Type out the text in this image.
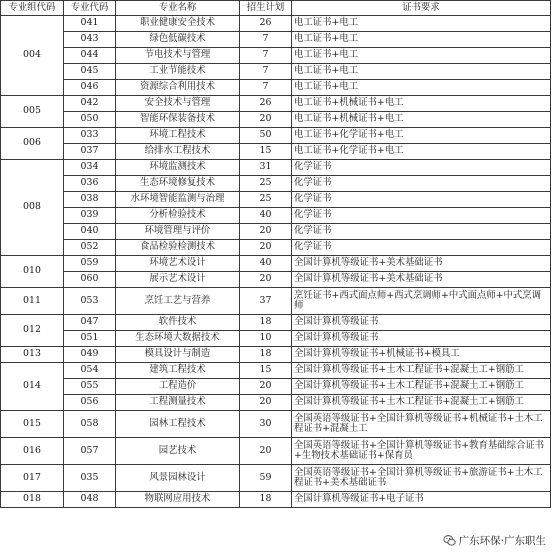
专业组代码	专业代码	专业名称	招生计划	证书要求
004	041	职业健康安全技术	26	电工证书+电工
	043	绿色低碳技术	7	电工证书+电工
	044	节电技术与管理	7	电工证书+电工
	045	工业节能技术	7	电工证书+电工
	046	资源综合利用技术	7	电工证书+电工
005	042	安全技术与管理	26	电工证书+机械证书+电工
	050	智能环保装备技术	20	电工证书+机械证书+电工
006	033	环境工程技术	50	电工证书+化学证书+电工
	037	给排水工程技术	15	电工证书+化学证书+电工
008	034	环境监测技术	31	化学证书
	036	生态环境修复技术	25	化学证书
	038	水环境智能监测与治理	25	化学证书
	039	分析检验技术	40	化学证书
	040	环境管理与评价	20	化学证书
	052	食品检验检测技术	20	化学证书
010	059	环境艺术设计	40	全国计算机等级证书+美术基础证书
	060	展示艺术设计	20	全国计算机等级证书+美术基础证书
011	053	烹饪工艺与营养	37	烹饪证书+西式面点师+西式烹调师+中式面点师+中式烹调师
012	047	软件技术	18	全国计算机等级证书
	051	生态环境大数据技术	10	全国计算机等级证书
013	049	模具设计与制造	18	全国计算机等级证书+机械证书+模具工
014	054	建筑工程技术	15	全国计算机等级证书+土木工程证书+混凝土工+钢筋工
	055	工程造价	20	全国计算机等级证书+土木工程证书+混凝土工+钢筋工
	056	工程测量技术	20	全国计算机等级证书+土木工程证书+混凝土工+钢筋工
015	058	园林工程技术	30	全国英语等级证书+全国计算机等级证书+机械证书+土木工程证书+混凝土工
016	057	园艺技术	20	全国英语等级证书+全国计算机等级证书+教育基础综合证书+生物技术基础证书+保育员
017	035	风景园林设计	59	全国英语等级证书+全国计算机等级证书+旅游证书+土木工程证书+美术基础证书
018	048	物联网应用技术	18	全国计算机等级证书+电子证书
广东环保·广东职生
